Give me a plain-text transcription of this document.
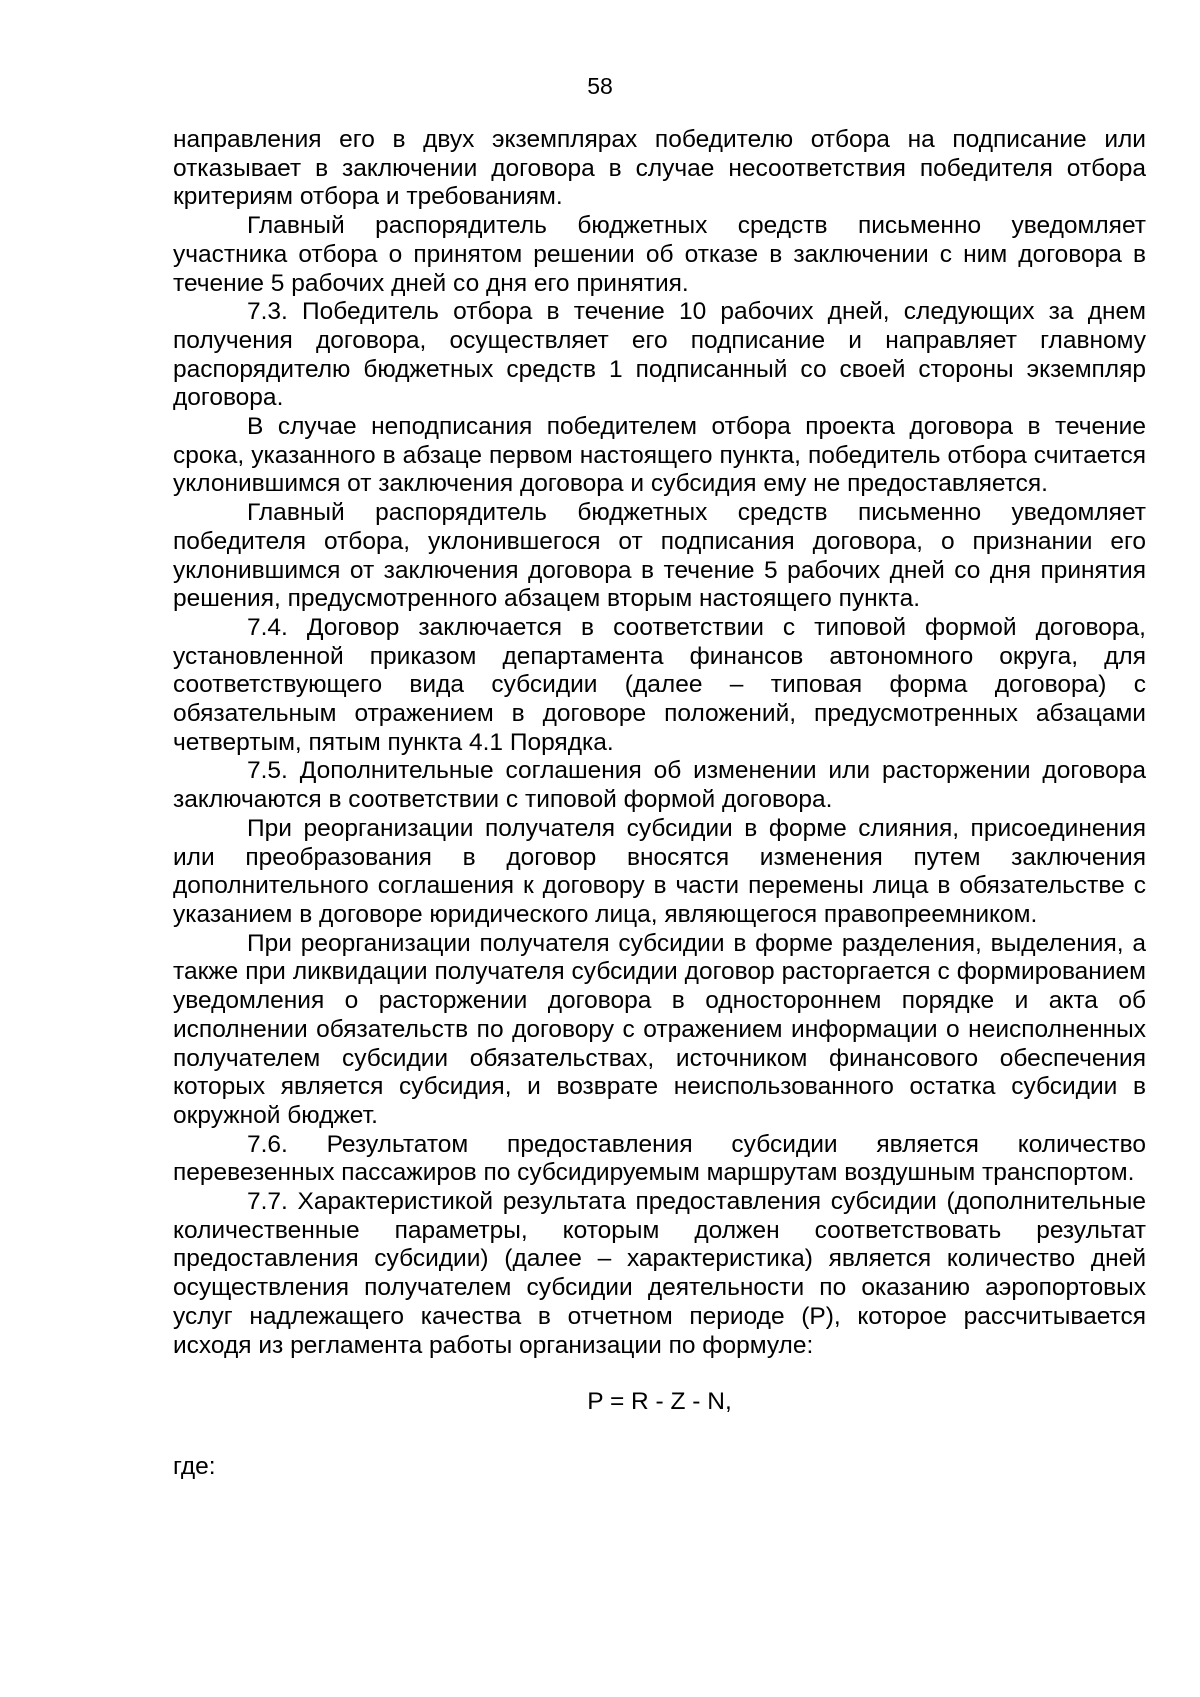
58

направления его в двух экземплярах победителю отбора на подписание или отказывает в заключении договора в случае несоответствия победителя отбора критериям отбора и требованиям.

Главный распорядитель бюджетных средств письменно уведомляет участника отбора о принятом решении об отказе в заключении с ним договора в течение 5 рабочих дней со дня его принятия.

7.3. Победитель отбора в течение 10 рабочих дней, следующих за днем получения договора, осуществляет его подписание и направляет главному распорядителю бюджетных средств 1 подписанный со своей стороны экземпляр договора.

В случае неподписания победителем отбора проекта договора в течение срока, указанного в абзаце первом настоящего пункта, победитель отбора считается уклонившимся от заключения договора и субсидия ему не предоставляется.

Главный распорядитель бюджетных средств письменно уведомляет победителя отбора, уклонившегося от подписания договора, о признании его уклонившимся от заключения договора в течение 5 рабочих дней со дня принятия решения, предусмотренного абзацем вторым настоящего пункта.

7.4. Договор заключается в соответствии с типовой формой договора, установленной приказом департамента финансов автономного округа, для соответствующего вида субсидии (далее – типовая форма договора) с обязательным отражением в договоре положений, предусмотренных абзацами четвертым, пятым пункта 4.1 Порядка.

7.5. Дополнительные соглашения об изменении или расторжении договора заключаются в соответствии с типовой формой договора.

При реорганизации получателя субсидии в форме слияния, присоединения или преобразования в договор вносятся изменения путем заключения дополнительного соглашения к договору в части перемены лица в обязательстве с указанием в договоре юридического лица, являющегося правопреемником.

При реорганизации получателя субсидии в форме разделения, выделения, а также при ликвидации получателя субсидии договор расторгается с формированием уведомления о расторжении договора в одностороннем порядке и акта об исполнении обязательств по договору с отражением информации о неисполненных получателем субсидии обязательствах, источником финансового обеспечения которых является субсидия, и возврате неиспользованного остатка субсидии в окружной бюджет.

7.6. Результатом предоставления субсидии является количество перевезенных пассажиров по субсидируемым маршрутам воздушным транспортом.

7.7. Характеристикой результата предоставления субсидии (дополнительные количественные параметры, которым должен соответствовать результат предоставления субсидии) (далее – характеристика) является количество дней осуществления получателем субсидии деятельности по оказанию аэропортовых услуг надлежащего качества в отчетном периоде (P), которое рассчитывается исходя из регламента работы организации по формуле:

P = R - Z - N,

где:
